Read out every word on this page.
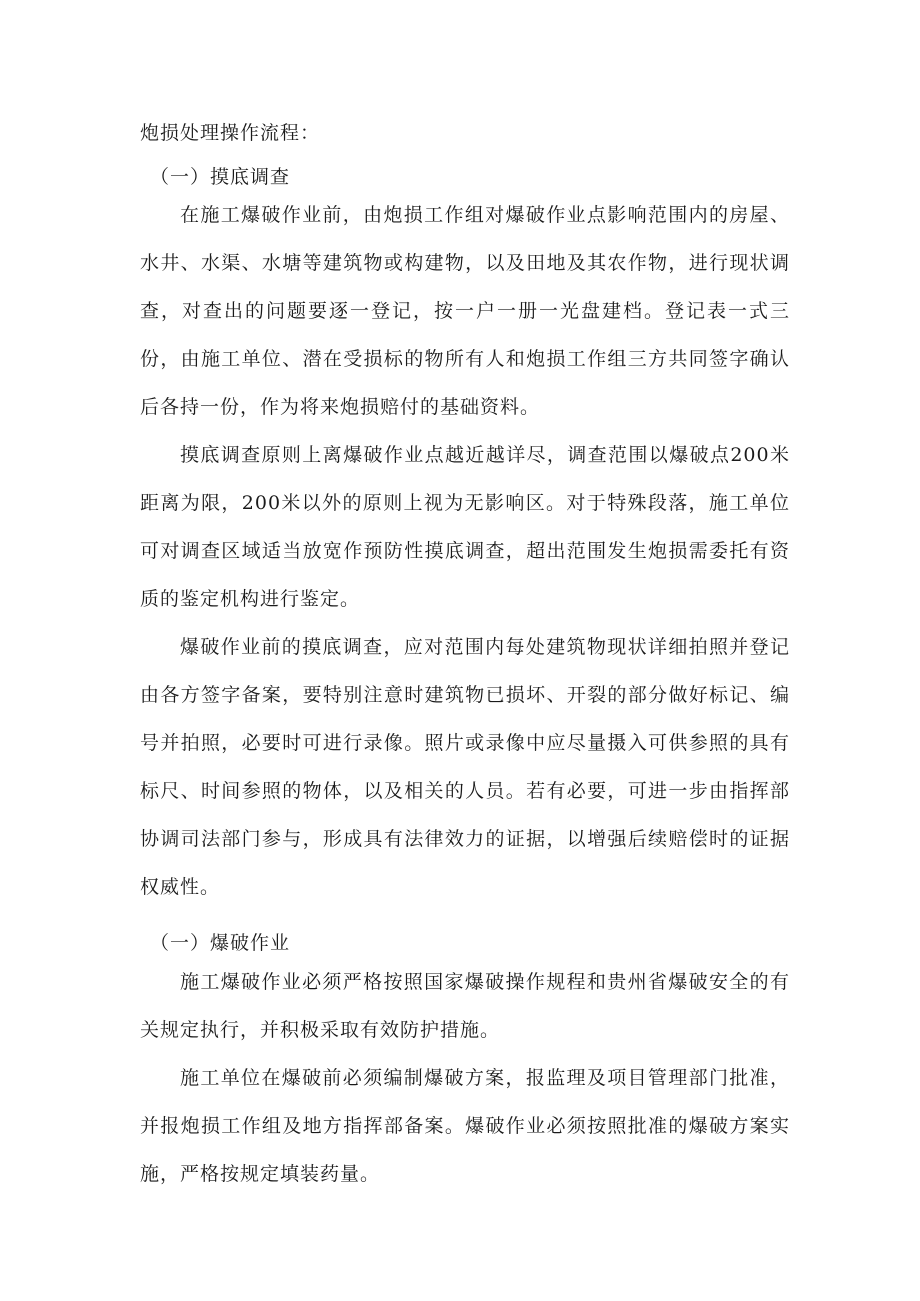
炮损处理操作流程：
（一）摸底调查

在施工爆破作业前，由炮损工作组对爆破作业点影响范围内的房屋、水井、水渠、水塘等建筑物或构建物，以及田地及其农作物，进行现状调查，对查出的问题要逐一登记，按一户一册一光盘建档。登记表一式三份，由施工单位、潜在受损标的物所有人和炮损工作组三方共同签字确认后各持一份，作为将来炮损赔付的基础资料。

摸底调查原则上离爆破作业点越近越详尽，调查范围以爆破点200米距离为限，200米以外的原则上视为无影响区。对于特殊段落，施工单位可对调查区域适当放宽作预防性摸底调查，超出范围发生炮损需委托有资质的鉴定机构进行鉴定。

爆破作业前的摸底调查，应对范围内每处建筑物现状详细拍照并登记由各方签字备案，要特别注意时建筑物已损坏、开裂的部分做好标记、编号并拍照，必要时可进行录像。照片或录像中应尽量摄入可供参照的具有标尺、时间参照的物体，以及相关的人员。若有必要，可进一步由指挥部协调司法部门参与，形成具有法律效力的证据，以增强后续赔偿时的证据权威性。

（一）爆破作业

施工爆破作业必须严格按照国家爆破操作规程和贵州省爆破安全的有关规定执行，并积极采取有效防护措施。

施工单位在爆破前必须编制爆破方案，报监理及项目管理部门批准，并报炮损工作组及地方指挥部备案。爆破作业必须按照批准的爆破方案实施，严格按规定填装药量。
